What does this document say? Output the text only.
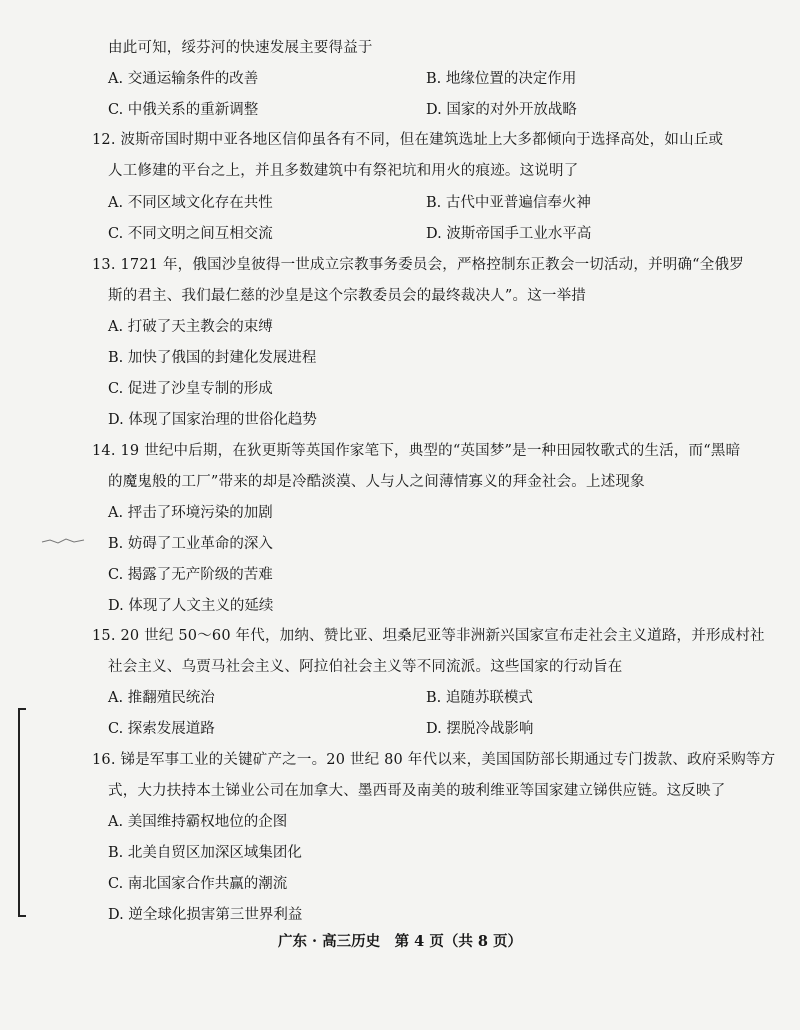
由此可知，绥芬河的快速发展主要得益于
A. 交通运输条件的改善	B. 地缘位置的决定作用
C. 中俄关系的重新调整	D. 国家的对外开放战略
12. 波斯帝国时期中亚各地区信仰虽各有不同，但在建筑选址上大多都倾向于选择高处，如山丘或
人工修建的平台之上，并且多数建筑中有祭祀坑和用火的痕迹。这说明了
A. 不同区域文化存在共性	B. 古代中亚普遍信奉火神
C. 不同文明之间互相交流	D. 波斯帝国手工业水平高
13. 1721 年，俄国沙皇彼得一世成立宗教事务委员会，严格控制东正教会一切活动，并明确“全俄罗
斯的君主、我们最仁慈的沙皇是这个宗教委员会的最终裁决人”。这一举措
A. 打破了天主教会的束缚
B. 加快了俄国的封建化发展进程
C. 促进了沙皇专制的形成
D. 体现了国家治理的世俗化趋势
14. 19 世纪中后期，在狄更斯等英国作家笔下，典型的“英国梦”是一种田园牧歌式的生活，而“黑暗
的魔鬼般的工厂”带来的却是冷酷淡漠、人与人之间薄情寡义的拜金社会。上述现象
A. 抨击了环境污染的加剧
B. 妨碍了工业革命的深入
C. 揭露了无产阶级的苦难
D. 体现了人文主义的延续
15. 20 世纪 50～60 年代，加纳、赞比亚、坦桑尼亚等非洲新兴国家宣布走社会主义道路，并形成村社
社会主义、乌贾马社会主义、阿拉伯社会主义等不同流派。这些国家的行动旨在
A. 推翻殖民统治	B. 追随苏联模式
C. 探索发展道路	D. 摆脱冷战影响
16. 锑是军事工业的关键矿产之一。20 世纪 80 年代以来，美国国防部长期通过专门拨款、政府采购等方
式，大力扶持本土锑业公司在加拿大、墨西哥及南美的玻利维亚等国家建立锑供应链。这反映了
A. 美国维持霸权地位的企图
B. 北美自贸区加深区域集团化
C. 南北国家合作共赢的潮流
D. 逆全球化损害第三世界利益
广东 · 高三历史　第 4 页（共 8 页）
